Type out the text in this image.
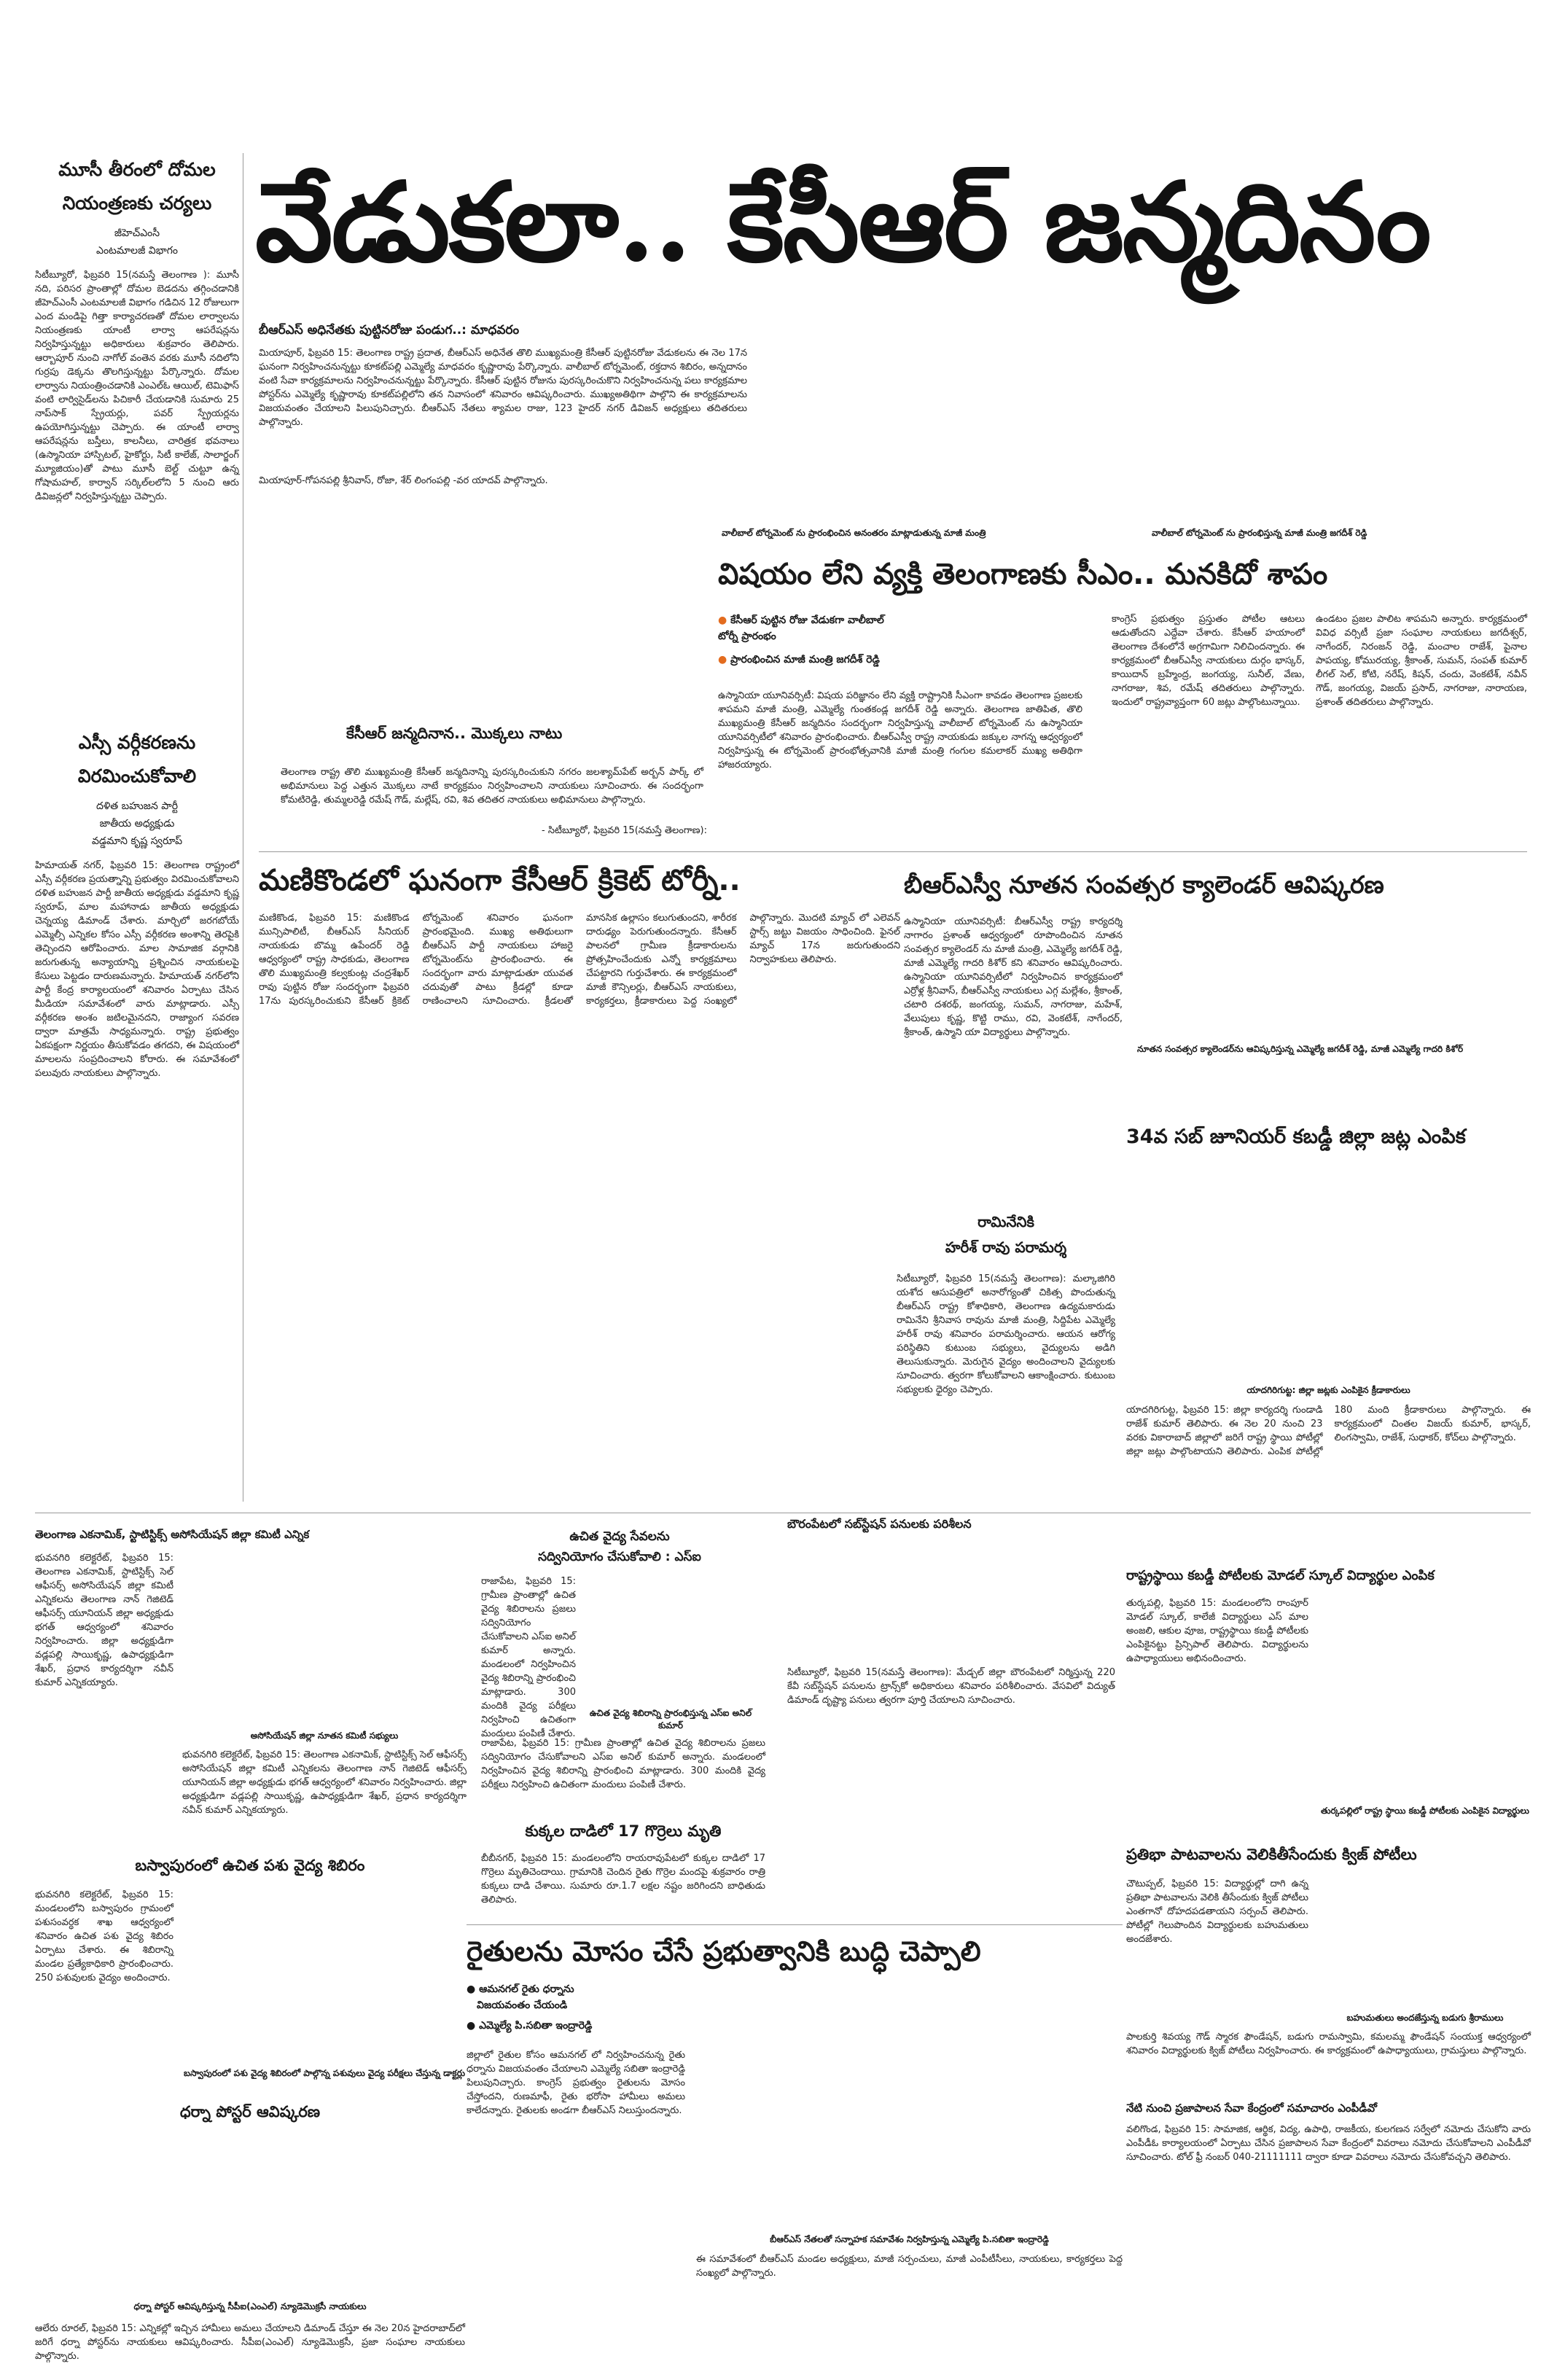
వేడుకలా.. కేసీఆర్‌ జన్మదినం
మూసీ తీరంలో దోమల నియంత్రణకు చర్యలు
జీహెచ్‌ఎంసీ
ఎంటమాలజీ విభాగం
సిటీబ్యూరో, ఫిబ్రవరి 15(నమస్తే తెలంగాణ ): మూసీ నది, పరిసర ప్రాంతాల్లో దోమల బెడదను తగ్గించడానికి జీహెచ్‌ఎంసీ ఎంటమాలజీ విభాగం గడిచిన 12 రోజులుగా ఎంద మండిపై గిత్తా కార్యాచరణతో దోమల లార్వాలను నియంత్రణకు యాంటీ లార్వా ఆపరేషన్లను నిర్వహిస్తున్నట్టు అధికారులు శుక్రవారం తెలిపారు. ఆర్బాపూర్ నుంచి నాగోల్‌ వంతెన వరకు మూసీ నదిలోని గుర్రపు డెక్కను తొలగిస్తున్నట్టు పేర్కొన్నారు. దోమల లార్వాను నియంత్రించడానికి ఎంఎల్‌ఓ ఆయిల్‌, టెమిఫాస్‌ వంటి లార్విసైడ్‌లను పిచికారీ చేయడానికి సుమారు 25 నాప్‌సాక్‌ స్ప్రేయర్లు, పవర్‌ స్ప్రేయర్లను ఉపయోగిస్తున్నట్టు చెప్పారు. ఈ యాంటీ లార్వా ఆపరేషన్లను బస్తీలు, కాలనీలు, చారిత్రక భవనాలు (ఉస్మానియా హాస్పిటల్‌, హైకోర్టు, సిటీ కాలేజ్‌, సాలార్జంగ్‌ మ్యూజియం)తో పాటు మూసీ బెల్ట్‌ చుట్టూ ఉన్న గోషామహల్‌, కార్వాన్‌ సర్కిల్‌లలోని 5 నుంచి ఆరు డివిజన్లలో నిర్వహిస్తున్నట్టు చెప్పారు.
ఎస్సీ వర్గీకరణను విరమించుకోవాలి
దళిత బహుజన పార్టీ
జాతీయ అధ్యక్షుడు
వడ్డమాని కృష్ణ స్వరూప్‌
హిమాయత్‌ నగర్‌, ఫిబ్రవరి 15: తెలంగాణ రాష్ట్రంలో ఎస్సీ వర్గీకరణ ప్రయత్నాన్ని ప్రభుత్వం విరమించుకోవాలని దళిత బహుజన పార్టీ జాతీయ అధ్యక్షుడు వడ్డమాని కృష్ణ స్వరూప్‌, మాల మహానాడు జాతీయ అధ్యక్షుడు చెన్నయ్య డిమాండ్‌ చేశారు. మార్చిలో జరగబోయే ఎమ్మెల్సీ ఎన్నికల కోసం ఎస్సీ వర్గీకరణ అంశాన్ని తెరపైకి తెచ్చిందని ఆరోపించారు. మాల సామాజిక వర్గానికి జరుగుతున్న అన్యాయాన్ని ప్రశ్నించిన నాయకులపై కేసులు పెట్టడం దారుణమన్నారు. హిమాయత్‌ నగర్‌లోని పార్టీ కేంద్ర కార్యాలయంలో శనివారం ఏర్పాటు చేసిన మీడియా సమావేశంలో వారు మాట్లాడారు. ఎస్సీ వర్గీకరణ అంశం జటిలమైనదని, రాజ్యాంగ సవరణ ద్వారా మాత్రమే సాధ్యమన్నారు. రాష్ట్ర ప్రభుత్వం ఏకపక్షంగా నిర్ణయం తీసుకోవడం తగదని, ఈ విషయంలో మాలలను సంప్రదించాలని కోరారు. ఈ సమావేశంలో పలువురు నాయకులు పాల్గొన్నారు.
బీఆర్‌ఎస్‌ అధినేతకు పుట్టినరోజు పండుగ..: మాధవరం
మియాపూర్‌, ఫిబ్రవరి 15: తెలంగాణ రాష్ట్ర ప్రదాత, బీఆర్‌ఎస్‌ అధినేత తొలి ముఖ్యమంత్రి కేసీఆర్‌ పుట్టినరోజు వేడుకలను ఈ నెల 17న ఘనంగా నిర్వహించనున్నట్టు కూకట్‌పల్లి ఎమ్మెల్యే మాధవరం కృష్ణారావు పేర్కొన్నారు. వాలీబాల్‌ టోర్నమెంట్‌, రక్తదాన శిబిరం, అన్నదానం వంటి సేవా కార్యక్రమాలను నిర్వహించనున్నట్టు పేర్కొన్నారు. కేసీఆర్‌ పుట్టిన రోజును పురస్కరించుకొని నిర్వహించనున్న పలు కార్యక్రమాల పోస్టర్‌ను ఎమ్మెల్యే కృష్ణారావు కూకట్‌పల్లిలోని తన నివాసంలో శనివారం ఆవిష్కరించారు. ముఖ్యఅతిథిగా పాల్గొని ఈ కార్యక్రమాలను విజయవంతం చేయాలని పిలుపునిచ్చారు. బీఆర్‌ఎస్‌ నేతలు శ్యామల రాజు, 123 హైదర్‌ నగర్‌ డివిజన్‌ అధ్యక్షులు తదితరులు పాల్గొన్నారు.
మియాపూర్‌-గోపనపల్లి శ్రీనివాస్‌, రోజా, శేర్‌ లింగంపల్లి -వర యాదవ్‌ పాల్గొన్నారు.
వాలీబాల్‌ టోర్నమెంట్‌ ను ప్రారంభించిన అనంతరం మాట్లాడుతున్న మాజీ మంత్రి	వాలీబాల్‌ టోర్నమెంట్‌ ను ప్రారంభిస్తున్న మాజీ మంత్రి జగదీశ్‌ రెడ్డి
విషయం లేని వ్యక్తి తెలంగాణకు సీఎం.. మనకిదో శాపం
● కేసీఆర్‌ పుట్టిన రోజు వేడుకగా వాలీబాల్‌ టోర్నీ ప్రారంభం
● ప్రారంభించిన మాజీ మంత్రి జగదీశ్‌ రెడ్డి
ఉస్మానియా యూనివర్సిటీ: విషయ పరిజ్ఞానం లేని వ్యక్తి రాష్ట్రానికి సీఎంగా కావడం తెలంగాణ ప్రజలకు శాపమని మాజీ మంత్రి, ఎమ్మెల్యే గుంతకండ్ల జగదీశ్‌ రెడ్డి అన్నారు. తెలంగాణ జాతిపిత, తొలి ముఖ్యమంత్రి కేసీఆర్‌ జన్మదినం సందర్భంగా నిర్వహిస్తున్న వాలీబాల్‌ టోర్నమెంట్‌ ను ఉస్మానియా యూనివర్సిటీలో శనివారం ప్రారంభించారు. బీఆర్‌ఎస్వీ రాష్ట్ర నాయకుడు జక్కుల నాగన్న ఆధ్వర్యంలో నిర్వహిస్తున్న ఈ టోర్నమెంట్‌ ప్రారంభోత్సవానికి మాజీ మంత్రి గంగుల కమలాకర్‌ ముఖ్య అతిథిగా హాజరయ్యారు.
కాంగ్రెస్‌ ప్రభుత్వం ప్రస్తుతం పోటీల ఆటలు ఆడుతోందని ఎద్దేవా చేశారు. కేసీఆర్‌ హయాంలో తెలంగాణ దేశంలోనే అగ్రగామిగా నిలిచిందన్నారు. ఈ కార్యక్రమంలో బీఆర్‌ఎస్వీ నాయకులు దుర్గం భాస్కర్‌, కాయిదాన్‌ బ్రహ్మేంద్ర, జంగయ్య, సునీల్‌, వేణు, నాగరాజు, శివ, రమేష్‌ తదితరులు పాల్గొన్నారు. ఇందులో రాష్ట్రవ్యాప్తంగా 60 జట్లు పాల్గొంటున్నాయి.
ఉండటం ప్రజల పాలిట శాపమని అన్నారు. కార్యక్రమంలో వివిధ వర్సిటీ ప్రజా సంఘాల నాయకులు జగదీశ్వర్‌, నాగేందర్‌, నిరంజన్‌ రెడ్డి, మంచాల రాజేశ్‌, పైనాల పాపయ్య, కోమురయ్య, శ్రీకాంత్‌, సుమన్‌, సంపత్‌ కుమార్‌ లీగల్‌ సెల్‌, కోటి, నరేష్‌, కిషన్‌, చందు, వెంకటేశ్‌, నవీన్‌ గౌడ్‌, జంగయ్య, విజయ్‌ ప్రసాద్‌, నాగరాజు, నారాయణ, ప్రశాంత్‌ తదితరులు పాల్గొన్నారు.
కేసీఆర్‌ జన్మదినాన.. మొక్కలు నాటు
తెలంగాణ రాష్ట్ర తొలి ముఖ్యమంత్రి కేసీఆర్‌ జన్మదినాన్ని పురస్కరించుకుని నగరం జలశ్యామ్‌పేట్‌ అర్బన్‌ పార్క్‌ లో అభిమానులు పెద్ద ఎత్తున మొక్కలు నాటే కార్యక్రమం నిర్వహించాలని నాయకులు సూచించారు. ఈ సందర్భంగా కోమటిరెడ్డి, తుమ్మలరెడ్డి రమేష్‌ గౌడ్‌, మల్లేష్‌, రవి, శివ తదితర నాయకులు అభిమానులు పాల్గొన్నారు.
- సిటీబ్యూరో, ఫిబ్రవరి 15(నమస్తే తెలంగాణ):
మణికొండలో ఘనంగా కేసీఆర్‌ క్రికెట్‌ టోర్నీ..
మణికొండ, ఫిబ్రవరి 15: మణికొండ మున్సిపాలిటీ, బీఆర్‌ఎస్‌ సీనియర్‌ నాయకుడు బొమ్మ ఉపేందర్‌ రెడ్డి ఆధ్వర్యంలో రాష్ట్ర సాధకుడు, తెలంగాణ తొలి ముఖ్యమంత్రి కల్వకుంట్ల చంద్రశేఖర్‌ రావు పుట్టిన రోజు సందర్భంగా ఫిబ్రవరి 17ను పురస్కరించుకుని కేసీఆర్‌ క్రికెట్‌ టోర్నమెంట్‌ శనివారం ఘనంగా ప్రారంభమైంది. ముఖ్య అతిథులుగా బీఆర్‌ఎస్‌ పార్టీ నాయకులు హాజరై టోర్నమెంట్‌ను ప్రారంభించారు. ఈ సందర్భంగా వారు మాట్లాడుతూ యువత చదువుతో పాటు క్రీడల్లో కూడా రాణించాలని సూచించారు. క్రీడలతో మానసిక ఉల్లాసం కలుగుతుందని, శారీరక దారుఢ్యం పెరుగుతుందన్నారు. కేసీఆర్‌ పాలనలో గ్రామీణ క్రీడాకారులను ప్రోత్సహించేందుకు ఎన్నో కార్యక్రమాలు చేపట్టారని గుర్తుచేశారు. ఈ కార్యక్రమంలో మాజీ కౌన్సిలర్లు, బీఆర్‌ఎస్‌ నాయకులు, కార్యకర్తలు, క్రీడాకారులు పెద్ద సంఖ్యలో పాల్గొన్నారు. మొదటి మ్యాచ్‌ లో ఎలెవన్‌ స్టార్స్‌ జట్టు విజయం సాధించింది. ఫైనల్‌ మ్యాచ్‌ 17న జరుగుతుందని నిర్వాహకులు తెలిపారు.
బీఆర్‌ఎస్వీ నూతన సంవత్సర క్యాలెండర్‌ ఆవిష్కరణ
ఉస్మానియా యూనివర్సిటీ: బీఆర్‌ఎస్వీ రాష్ట్ర కార్యదర్శి నాగారం ప్రశాంత్‌ ఆధ్వర్యంలో రూపొందించిన నూతన సంవత్సర క్యాలెండర్‌ ను మాజీ మంత్రి, ఎమ్మెల్యే జగదీశ్‌ రెడ్డి, మాజీ ఎమ్మెల్యే గాదరి కిశోర్‌ కని శనివారం ఆవిష్కరించారు. ఉస్మానియా యూనివర్సిటీలో నిర్వహించిన కార్యక్రమంలో ఎర్రోళ్ల శ్రీనివాస్‌, బీఆర్‌ఎస్వీ నాయకులు ఎగ్గ మల్లేశం, శ్రీకాంత్‌, చటారి దశరథ్‌, జంగయ్య, సుమన్‌, నాగరాజు, మహేశ్‌, వేలుపులు కృష్ణ, కొట్టి రాము, రవి, వెంకటేశ్‌, నాగేందర్‌, శ్రీకాంత్‌, ఉస్మాని యా విద్యార్థులు పాల్గొన్నారు.
నూతన సంవత్సర క్యాలెండర్‌ను ఆవిష్కరిస్తున్న ఎమ్మెల్యే జగదీశ్‌ రెడ్డి, మాజీ ఎమ్మెల్యే గాదరి కిశోర్‌
34వ సబ్‌ జూనియర్‌ కబడ్డీ జిల్లా జట్ల ఎంపిక
యాదగిరిగుట్ట: జిల్లా జట్లకు ఎంపికైన క్రీడాకారులు
యాదగిరిగుట్ట, ఫిబ్రవరి 15: జిల్లా కార్యదర్శి గుండాడి రాజేశ్‌ కుమార్‌ తెలిపారు. ఈ నెల 20 నుంచి 23 వరకు వికారాబాద్‌ జిల్లాలో జరిగే రాష్ట్ర స్థాయి పోటీల్లో జిల్లా జట్లు పాల్గొంటాయని తెలిపారు. ఎంపిక పోటీల్లో 180 మంది క్రీడాకారులు పాల్గొన్నారు. ఈ కార్యక్రమంలో చింతల విజయ్‌ కుమార్‌, భాస్కర్‌, లింగస్వామి, రాజేశ్‌, సుధాకర్‌, కోచ్‌లు పాల్గొన్నారు.
రామినేనికి
హరీశ్‌ రావు పరామర్శ
సిటీబ్యూరో, ఫిబ్రవరి 15(నమస్తే తెలంగాణ): మల్కాజిగిరి యశోద ఆసుపత్రిలో అనారోగ్యంతో చికిత్స పొందుతున్న బీఆర్‌ఎస్‌ రాష్ట్ర కోశాధికారి, తెలంగాణ ఉద్యమకారుడు రామినేని శ్రీనివాస రావును మాజీ మంత్రి, సిద్దిపేట ఎమ్మెల్యే హరీశ్‌ రావు శనివారం పరామర్శించారు. ఆయన ఆరోగ్య పరిస్థితిని కుటుంబ సభ్యులు, వైద్యులను అడిగి తెలుసుకున్నారు. మెరుగైన వైద్యం అందించాలని వైద్యులకు సూచించారు. త్వరగా కోలుకోవాలని ఆకాంక్షించారు. కుటుంబ సభ్యులకు ధైర్యం చెప్పారు.
రాష్ట్రస్థాయి కబడ్డీ పోటీలకు మోడల్‌ స్కూల్‌ విద్యార్థుల ఎంపిక
తుర్కపల్లి, ఫిబ్రవరి 15: మండలంలోని రాంపూర్‌ మోడల్‌ స్కూల్‌, కాలేజీ విద్యార్థులు ఎస్‌ మాల అంజలి, ఆకుల వూజ, రాష్ట్రస్థాయి కబడ్డీ పోటీలకు ఎంపికైనట్టు ప్రిన్సిపాల్‌ తెలిపారు. విద్యార్థులను ఉపాధ్యాయులు అభినందించారు.
తుర్కపల్లిలో రాష్ట్ర స్థాయి కబడ్డీ పోటీలకు ఎంపికైన విద్యార్థులు
ప్రతిభా పాటవాలను వెలికితీసేందుకు క్విజ్‌ పోటీలు
చౌటుప్పల్‌, ఫిబ్రవరి 15: విద్యార్థుల్లో దాగి ఉన్న ప్రతిభా పాటవాలను వెలికి తీసేందుకు క్విజ్‌ పోటీలు ఎంతగానో దోహదపడతాయని సర్పంచ్‌ తెలిపారు. పోటీల్లో గెలుపొందిన విద్యార్థులకు బహుమతులు అందజేశారు.
బహుమతులు అందజేస్తున్న బడుగు శ్రీరాములు
పాలకుర్తి శివయ్య గౌడ్‌ స్మారక ఫౌండేషన్‌, బడుగు రామస్వామి, కమలమ్మ ఫౌండేషన్‌ సంయుక్త ఆధ్వర్యంలో శనివారం విద్యార్థులకు క్విజ్‌ పోటీలు నిర్వహించారు. ఈ కార్యక్రమంలో ఉపాధ్యాయులు, గ్రామస్తులు పాల్గొన్నారు.
తెలంగాణ ఎకనామిక్‌, స్టాటిస్టిక్స్‌ అసోసియేషన్‌ జిల్లా కమిటీ ఎన్నిక
భువనగిరి కలెక్టరేట్‌, ఫిబ్రవరి 15: తెలంగాణ ఎకనామిక్‌, స్టాటిస్టిక్స్‌ సెల్‌ ఆఫీసర్స్‌ అసోసియేషన్‌ జిల్లా కమిటీ ఎన్నికలను తెలంగాణ నాన్‌ గెజిటెడ్‌ ఆఫీసర్స్‌ యూనియన్‌ జిల్లా అధ్యక్షుడు భగత్‌ ఆధ్వర్యంలో శనివారం నిర్వహించారు. జిల్లా అధ్యక్షుడిగా వడ్లపల్లి సాయికృష్ణ, ఉపాధ్యక్షుడిగా శేఖర్‌, ప్రధాన కార్యదర్శిగా నవీన్‌ కుమార్‌ ఎన్నికయ్యారు.
అసోసియేషన్‌ జిల్లా నూతన కమిటీ సభ్యులు
భువనగిరి కలెక్టరేట్‌, ఫిబ్రవరి 15: తెలంగాణ ఎకనామిక్‌, స్టాటిస్టిక్స్‌ సెల్‌ ఆఫీసర్స్‌ అసోసియేషన్‌ జిల్లా కమిటీ ఎన్నికలను తెలంగాణ నాన్‌ గెజిటెడ్‌ ఆఫీసర్స్‌ యూనియన్‌ జిల్లా అధ్యక్షుడు భగత్‌ ఆధ్వర్యంలో శనివారం నిర్వహించారు. జిల్లా అధ్యక్షుడిగా వడ్లపల్లి సాయికృష్ణ, ఉపాధ్యక్షుడిగా శేఖర్‌, ప్రధాన కార్యదర్శిగా నవీన్‌ కుమార్‌ ఎన్నికయ్యారు.
బస్వాపురంలో ఉచిత పశు వైద్య శిబిరం
భువనగిరి కలెక్టరేట్‌, ఫిబ్రవరి 15: మండలంలోని బస్వాపురం గ్రామంలో పశుసంవర్ధక శాఖ ఆధ్వర్యంలో శనివారం ఉచిత పశు వైద్య శిబిరం ఏర్పాటు చేశారు. ఈ శిబిరాన్ని మండల ప్రత్యేకాధికారి ప్రారంభించారు. 250 పశువులకు వైద్యం అందించారు.
బస్వాపురంలో పశు వైద్య శిబిరంలో పాల్గొన్న పశువులు వైద్య పరీక్షలు చేస్తున్న డాక్టర్లు
ధర్నా పోస్టర్‌ ఆవిష్కరణ
ధర్నా పోస్టర్‌ ఆవిష్కరిస్తున్న సీపీఐ(ఎంఎల్‌) న్యూడెమొక్రసీ నాయకులు
ఆలేరు రూరల్‌, ఫిబ్రవరి 15: ఎన్నికల్లో ఇచ్చిన హామీలు అమలు చేయాలని డిమాండ్‌ చేస్తూ ఈ నెల 20న హైదరాబాద్‌లో జరిగే ధర్నా పోస్టర్‌ను నాయకులు ఆవిష్కరించారు. సీపీఐ(ఎంఎల్‌) న్యూడెమొక్రసీ, ప్రజా సంఘాల నాయకులు పాల్గొన్నారు.
ఉచిత వైద్య సేవలను
సద్వినియోగం చేసుకోవాలి : ఎస్‌ఐ
రాజాపేట, ఫిబ్రవరి 15: గ్రామీణ ప్రాంతాల్లో ఉచిత వైద్య శిబిరాలను ప్రజలు సద్వినియోగం చేసుకోవాలని ఎస్‌ఐ అనిల్‌ కుమార్‌ అన్నారు. మండలంలో నిర్వహించిన వైద్య శిబిరాన్ని ప్రారంభించి మాట్లాడారు. 300 మందికి వైద్య పరీక్షలు నిర్వహించి ఉచితంగా మందులు పంపిణీ చేశారు.
ఉచిత వైద్య శిబిరాన్ని ప్రారంభిస్తున్న ఎస్‌ఐ అనిల్‌ కుమార్‌
రాజాపేట, ఫిబ్రవరి 15: గ్రామీణ ప్రాంతాల్లో ఉచిత వైద్య శిబిరాలను ప్రజలు సద్వినియోగం చేసుకోవాలని ఎస్‌ఐ అనిల్‌ కుమార్‌ అన్నారు. మండలంలో నిర్వహించిన వైద్య శిబిరాన్ని ప్రారంభించి మాట్లాడారు. 300 మందికి వైద్య పరీక్షలు నిర్వహించి ఉచితంగా మందులు పంపిణీ చేశారు.
కుక్కల దాడిలో 17 గొర్రెలు మృతి
బీబీనగర్‌, ఫిబ్రవరి 15: మండలంలోని రాయరావుపేటలో కుక్కల దాడిలో 17 గొర్రెలు మృతిచెందాయి. గ్రామానికి చెందిన రైతు గొర్రెల మందపై శుక్రవారం రాత్రి కుక్కలు దాడి చేశాయి. సుమారు రూ.1.7 లక్షల నష్టం జరిగిందని బాధితుడు తెలిపారు.
బౌరంపేటలో సబ్‌స్టేషన్‌ పనులకు పరిశీలన
సిటీబ్యూరో, ఫిబ్రవరి 15(నమస్తే తెలంగాణ): మేడ్చల్‌ జిల్లా బౌరంపేటలో నిర్మిస్తున్న 220 కేవీ సబ్‌స్టేషన్‌ పనులను ట్రాన్స్‌కో అధికారులు శనివారం పరిశీలించారు. వేసవిలో విద్యుత్‌ డిమాండ్‌ దృష్ట్యా పనులు త్వరగా పూర్తి చేయాలని సూచించారు.
రైతులను మోసం చేసే ప్రభుత్వానికి బుద్ధి చెప్పాలి
● ఆమనగల్‌ రైతు ధర్నాను
విజయవంతం చేయండి
● ఎమ్మెల్యే పి.సబితా ఇంద్రారెడ్డి
జిల్లాలో రైతుల కోసం ఆమనగల్‌ లో నిర్వహించనున్న రైతు ధర్నాను విజయవంతం చేయాలని ఎమ్మెల్యే సబితా ఇంద్రారెడ్డి పిలుపునిచ్చారు. కాంగ్రెస్‌ ప్రభుత్వం రైతులను మోసం చేస్తోందని, రుణమాఫీ, రైతు భరోసా హామీలు అమలు కాలేదన్నారు. రైతులకు అండగా బీఆర్‌ఎస్‌ నిలుస్తుందన్నారు.
బీఆర్‌ఎస్‌ నేతలతో సన్నాహక సమావేశం నిర్వహిస్తున్న ఎమ్మెల్యే పి.సబితా ఇంద్రారెడ్డి
ఈ సమావేశంలో బీఆర్‌ఎస్‌ మండల అధ్యక్షులు, మాజీ సర్పంచులు, మాజీ ఎంపీటీసీలు, నాయకులు, కార్యకర్తలు పెద్ద సంఖ్యలో పాల్గొన్నారు.
నేటి నుంచి ప్రజాపాలన సేవా కేంద్రంలో సమాచారం ఎంపీడీవో
వలిగొండ, ఫిబ్రవరి 15: సామాజిక, ఆర్థిక, విద్య, ఉపాధి, రాజకీయ, కులగణన సర్వేలో నమోదు చేసుకోని వారు ఎంపీడీఓ కార్యాలయంలో ఏర్పాటు చేసిన ప్రజాపాలన సేవా కేంద్రంలో వివరాలు నమోదు చేసుకోవాలని ఎంపీడీవో సూచించారు. టోల్‌ ఫ్రీ నంబర్‌ 040-21111111 ద్వారా కూడా వివరాలు నమోదు చేసుకోవచ్చని తెలిపారు.
